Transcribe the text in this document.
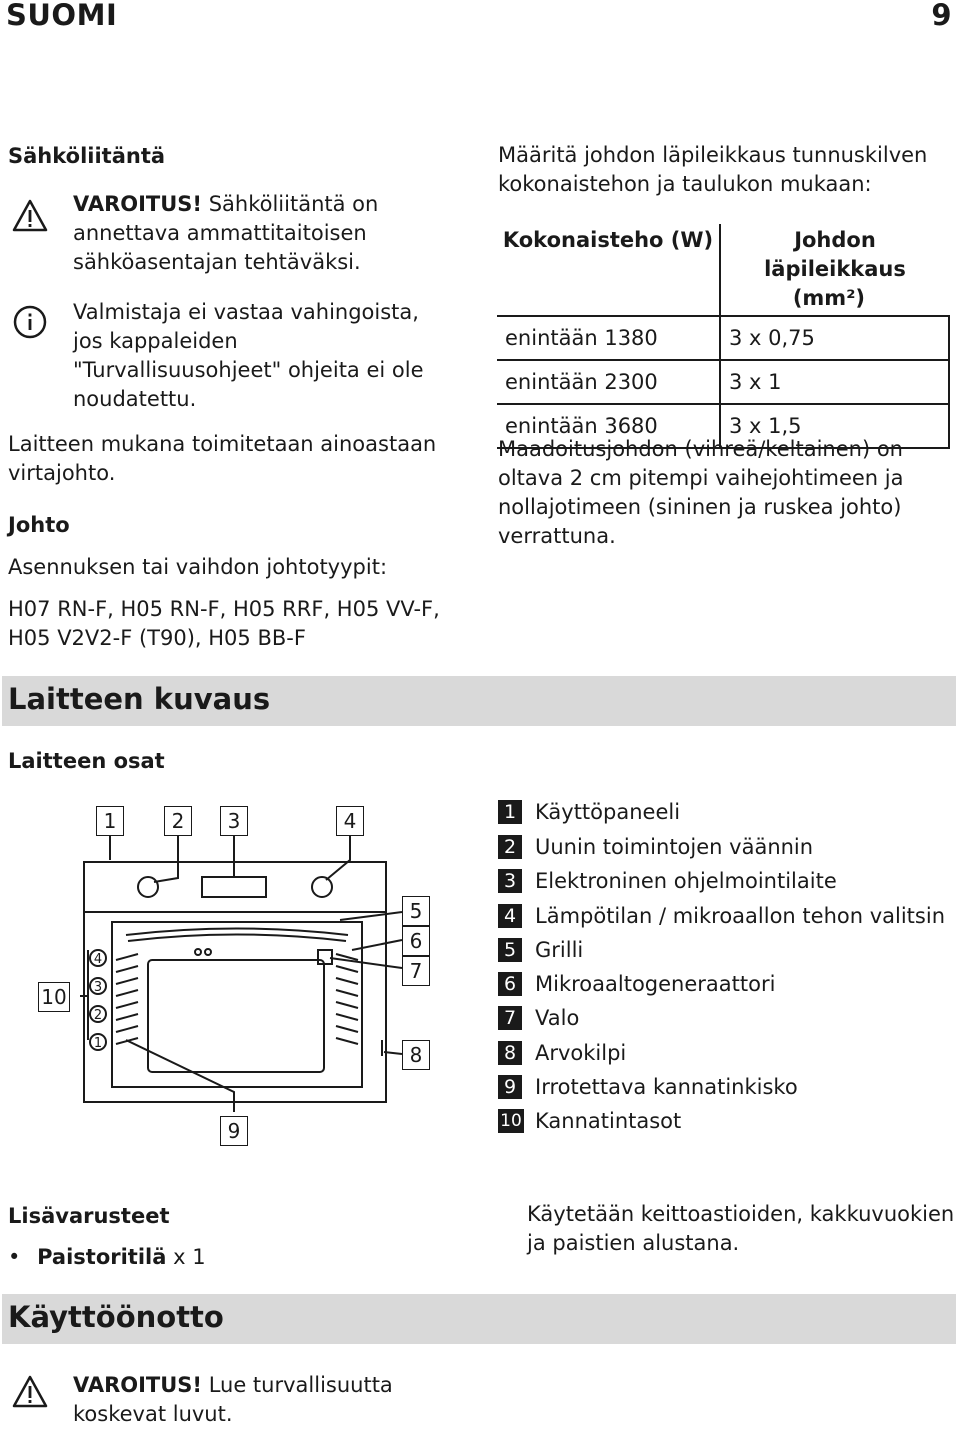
SUOMI	9
Sähköliitäntä
VAROITUS! Sähköliitäntä on
annettava ammattitaitoisen
sähköasentajan tehtäväksi.
Valmistaja ei vastaa vahingoista,
jos kappaleiden
"Turvallisuusohjeet" ohjeita ei ole
noudatettu.
Laitteen mukana toimitetaan ainoastaan
virtajohto.
Johto
Asennuksen tai vaihdon johtotyypit:
H07 RN-F, H05 RN-F, H05 RRF, H05 VV-F,
H05 V2V2-F (T90), H05 BB-F
Määritä johdon läpileikkaus tunnuskilven
kokonaistehon ja taulukon mukaan:
Kokonaisteho (W)	Johdon läpileikkaus
(mm²)

enintään 1380	3 x 0,75
enintään 2300	3 x 1
enintään 3680	3 x 1,5
Maadoitusjohdon (vihreä/keltainen) on
oltava 2 cm pitempi vaihejohtimeen ja
nollajotimeen (sininen ja ruskea johto)
verrattuna.
Laitteen kuvaus
Laitteen osat
4
3
2
1
1	2	3	4
5
6
7
8
9
10
1 Käyttöpaneeli
2 Uunin toimintojen väännin
3 Elektroninen ohjelmointilaite
4 Lämpötilan / mikroaallon tehon valitsin
5 Grilli
6 Mikroaaltogeneraattori
7 Valo
8 Arvokilpi
9 Irrotettava kannatinkisko
10 Kannatintasot
Lisävarusteet
• Paistoritilä x 1
Käytetään keittoastioiden, kakkuvuokien
ja paistien alustana.
Käyttöönotto
VAROITUS! Lue turvallisuutta
koskevat luvut.
